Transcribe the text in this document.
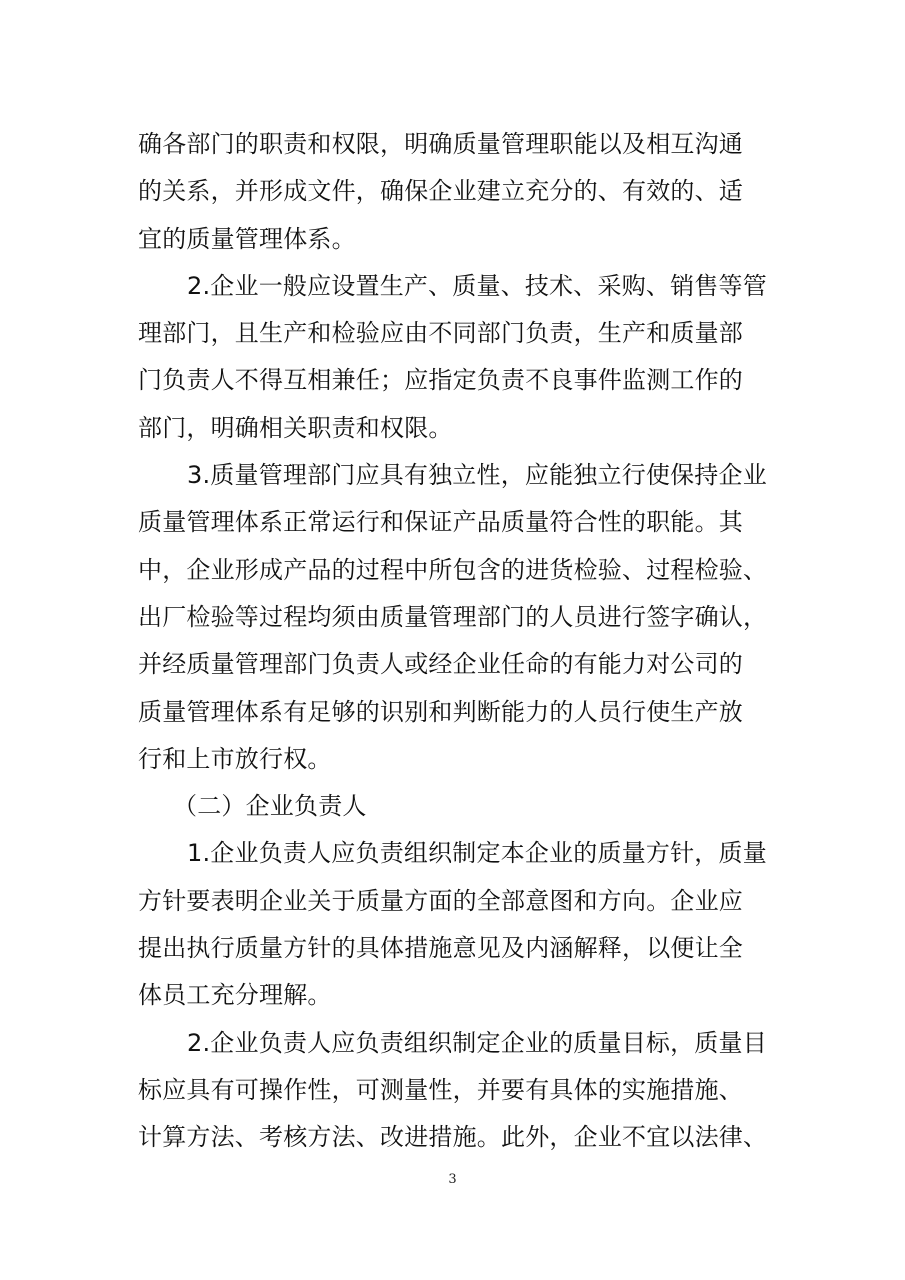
确各部门的职责和权限，明确质量管理职能以及相互沟通
的关系，并形成文件，确保企业建立充分的、有效的、适
宜的质量管理体系。
2.企业一般应设置生产、质量、技术、采购、销售等管
理部门，且生产和检验应由不同部门负责，生产和质量部
门负责人不得互相兼任；应指定负责不良事件监测工作的
部门，明确相关职责和权限。
3.质量管理部门应具有独立性，应能独立行使保持企业
质量管理体系正常运行和保证产品质量符合性的职能。其
中，企业形成产品的过程中所包含的进货检验、过程检验、
出厂检验等过程均须由质量管理部门的人员进行签字确认，
并经质量管理部门负责人或经企业任命的有能力对公司的
质量管理体系有足够的识别和判断能力的人员行使生产放
行和上市放行权。
（二）企业负责人
1.企业负责人应负责组织制定本企业的质量方针，质量
方针要表明企业关于质量方面的全部意图和方向。企业应
提出执行质量方针的具体措施意见及内涵解释，以便让全
体员工充分理解。
2.企业负责人应负责组织制定企业的质量目标，质量目
标应具有可操作性，可测量性，并要有具体的实施措施、
计算方法、考核方法、改进措施。此外，企业不宜以法律、
3
